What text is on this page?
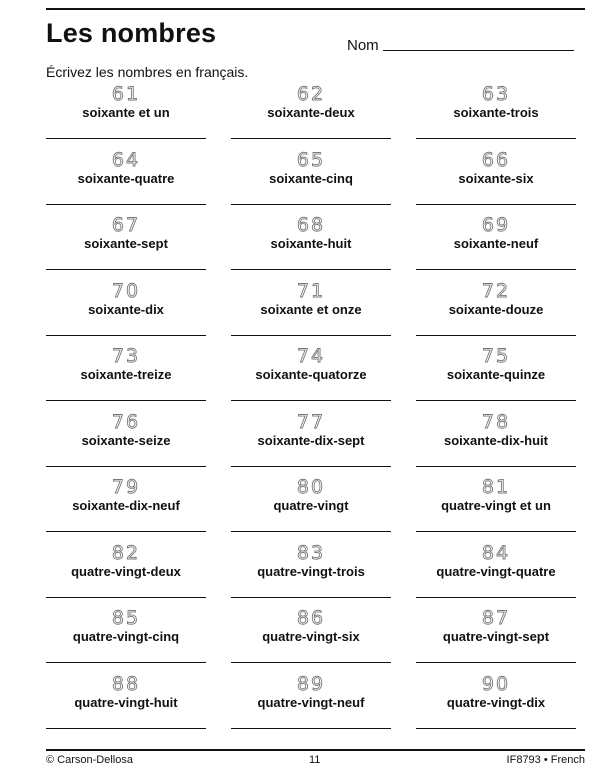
Les nombres	Nom
Écrivez les nombres en français.
61
soixante et un
62
soixante-deux
63
soixante-trois
64
soixante-quatre
65
soixante-cinq
66
soixante-six
67
soixante-sept
68
soixante-huit
69
soixante-neuf
70
soixante-dix
71
soixante et onze
72
soixante-douze
73
soixante-treize
74
soixante-quatorze
75
soixante-quinze
76
soixante-seize
77
soixante-dix-sept
78
soixante-dix-huit
79
soixante-dix-neuf
80
quatre-vingt
81
quatre-vingt et un
82
quatre-vingt-deux
83
quatre-vingt-trois
84
quatre-vingt-quatre
85
quatre-vingt-cinq
86
quatre-vingt-six
87
quatre-vingt-sept
88
quatre-vingt-huit
89
quatre-vingt-neuf
90
quatre-vingt-dix
© Carson-Dellosa	11	IF8793 • French
